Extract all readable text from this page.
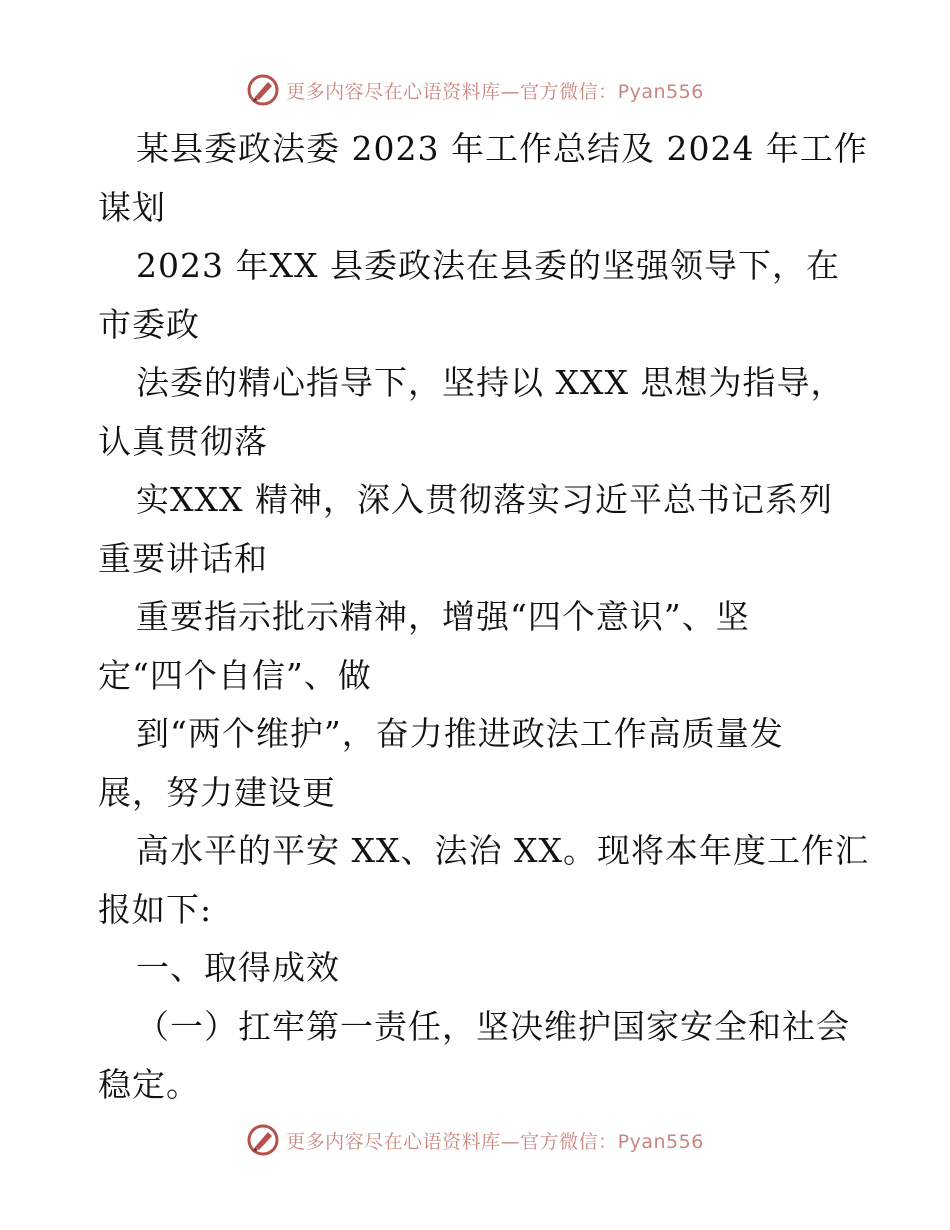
更多内容尽在心语资料库—官方微信：Pyan556
某县委政法委 2023 年工作总结及 2024 年工作
谋划
2023 年XX 县委政法在县委的坚强领导下，在
市委政
法委的精心指导下，坚持以 XXX 思想为指导，
认真贯彻落
实XXX 精神，深入贯彻落实习近平总书记系列
重要讲话和
重要指示批示精神，增强“四个意识”、坚
定“四个自信”、做
到“两个维护”，奋力推进政法工作高质量发
展，努力建设更
高水平的平安 XX、法治 XX。现将本年度工作汇
报如下:
一、取得成效
（一）扛牢第一责任，坚决维护国家安全和社会
稳定。
更多内容尽在心语资料库—官方微信：Pyan556
